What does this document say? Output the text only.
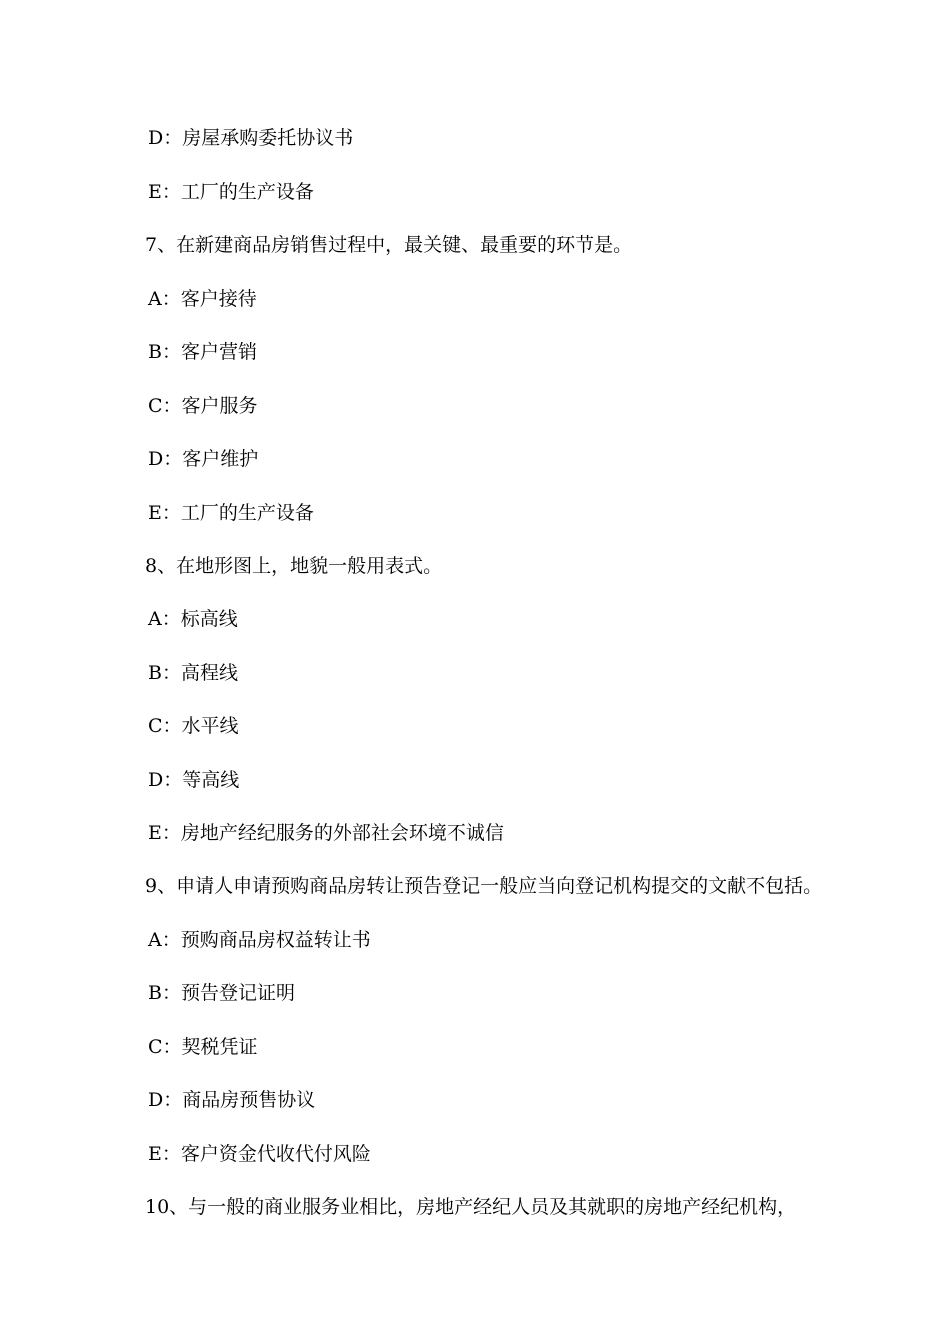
D：房屋承购委托协议书
E：工厂的生产设备
7、在新建商品房销售过程中，最关键、最重要的环节是。
A：客户接待
B：客户营销
C：客户服务
D：客户维护
E：工厂的生产设备
8、在地形图上，地貌一般用表式。
A：标高线
B：高程线
C：水平线
D：等高线
E：房地产经纪服务的外部社会环境不诚信
9、申请人申请预购商品房转让预告登记一般应当向登记机构提交的文献不包括。
A：预购商品房权益转让书
B：预告登记证明
C：契税凭证
D：商品房预售协议
E：客户资金代收代付风险
10、与一般的商业服务业相比，房地产经纪人员及其就职的房地产经纪机构，
